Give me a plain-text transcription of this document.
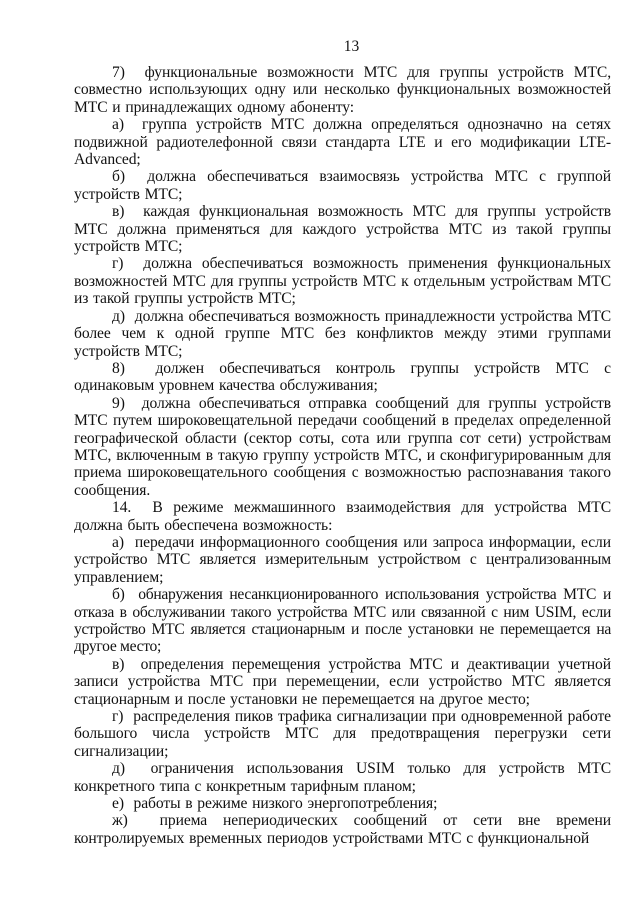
13

7)  функциональные возможности МТС для группы устройств МТС, совместно использующих одну или несколько функциональных возможностей МТС и принадлежащих одному абоненту:

а)  группа устройств МТС должна определяться однозначно на сетях подвижной радиотелефонной связи стандарта LTE и его модификации LTE-Advanced;

б)  должна обеспечиваться взаимосвязь устройства МТС с группой устройств МТС;

в)  каждая функциональная возможность МТС для группы устройств МТС должна применяться для каждого устройства МТС из такой группы устройств МТС;

г)  должна обеспечиваться возможность применения функциональных возможностей МТС для группы устройств МТС к отдельным устройствам МТС из такой группы устройств МТС;

д)  должна обеспечиваться возможность принадлежности устройства МТС более чем к одной группе МТС без конфликтов между этими группами устройств МТС;

8)  должен обеспечиваться контроль группы устройств МТС с одинаковым уровнем качества обслуживания;

9)  должна обеспечиваться отправка сообщений для группы устройств МТС путем широковещательной передачи сообщений в пределах определенной географической области (сектор соты, сота или группа сот сети) устройствам МТС, включенным в такую группу устройств МТС, и сконфигурированным для приема широковещательного сообщения с возможностью распознавания такого сообщения.

14.  В режиме межмашинного взаимодействия для устройства МТС должна быть обеспечена возможность:

а)  передачи информационного сообщения или запроса информации, если устройство МТС является измерительным устройством с централизованным управлением;

б)  обнаружения несанкционированного использования устройства МТС и отказа в обслуживании такого устройства МТС или связанной с ним USIM, если устройство МТС является стационарным и после установки не перемещается на другое место;

в)  определения перемещения устройства МТС и деактивации учетной записи устройства МТС при перемещении, если устройство МТС является стационарным и после установки не перемещается на другое место;

г)  распределения пиков трафика сигнализации при одновременной работе большого числа устройств МТС для предотвращения перегрузки сети сигнализации;

д)  ограничения использования USIM только для устройств МТС конкретного типа с конкретным тарифным планом;

е)  работы в режиме низкого энергопотребления;

ж)  приема непериодических сообщений от сети вне времени контролируемых временных периодов устройствами МТС с функциональной
